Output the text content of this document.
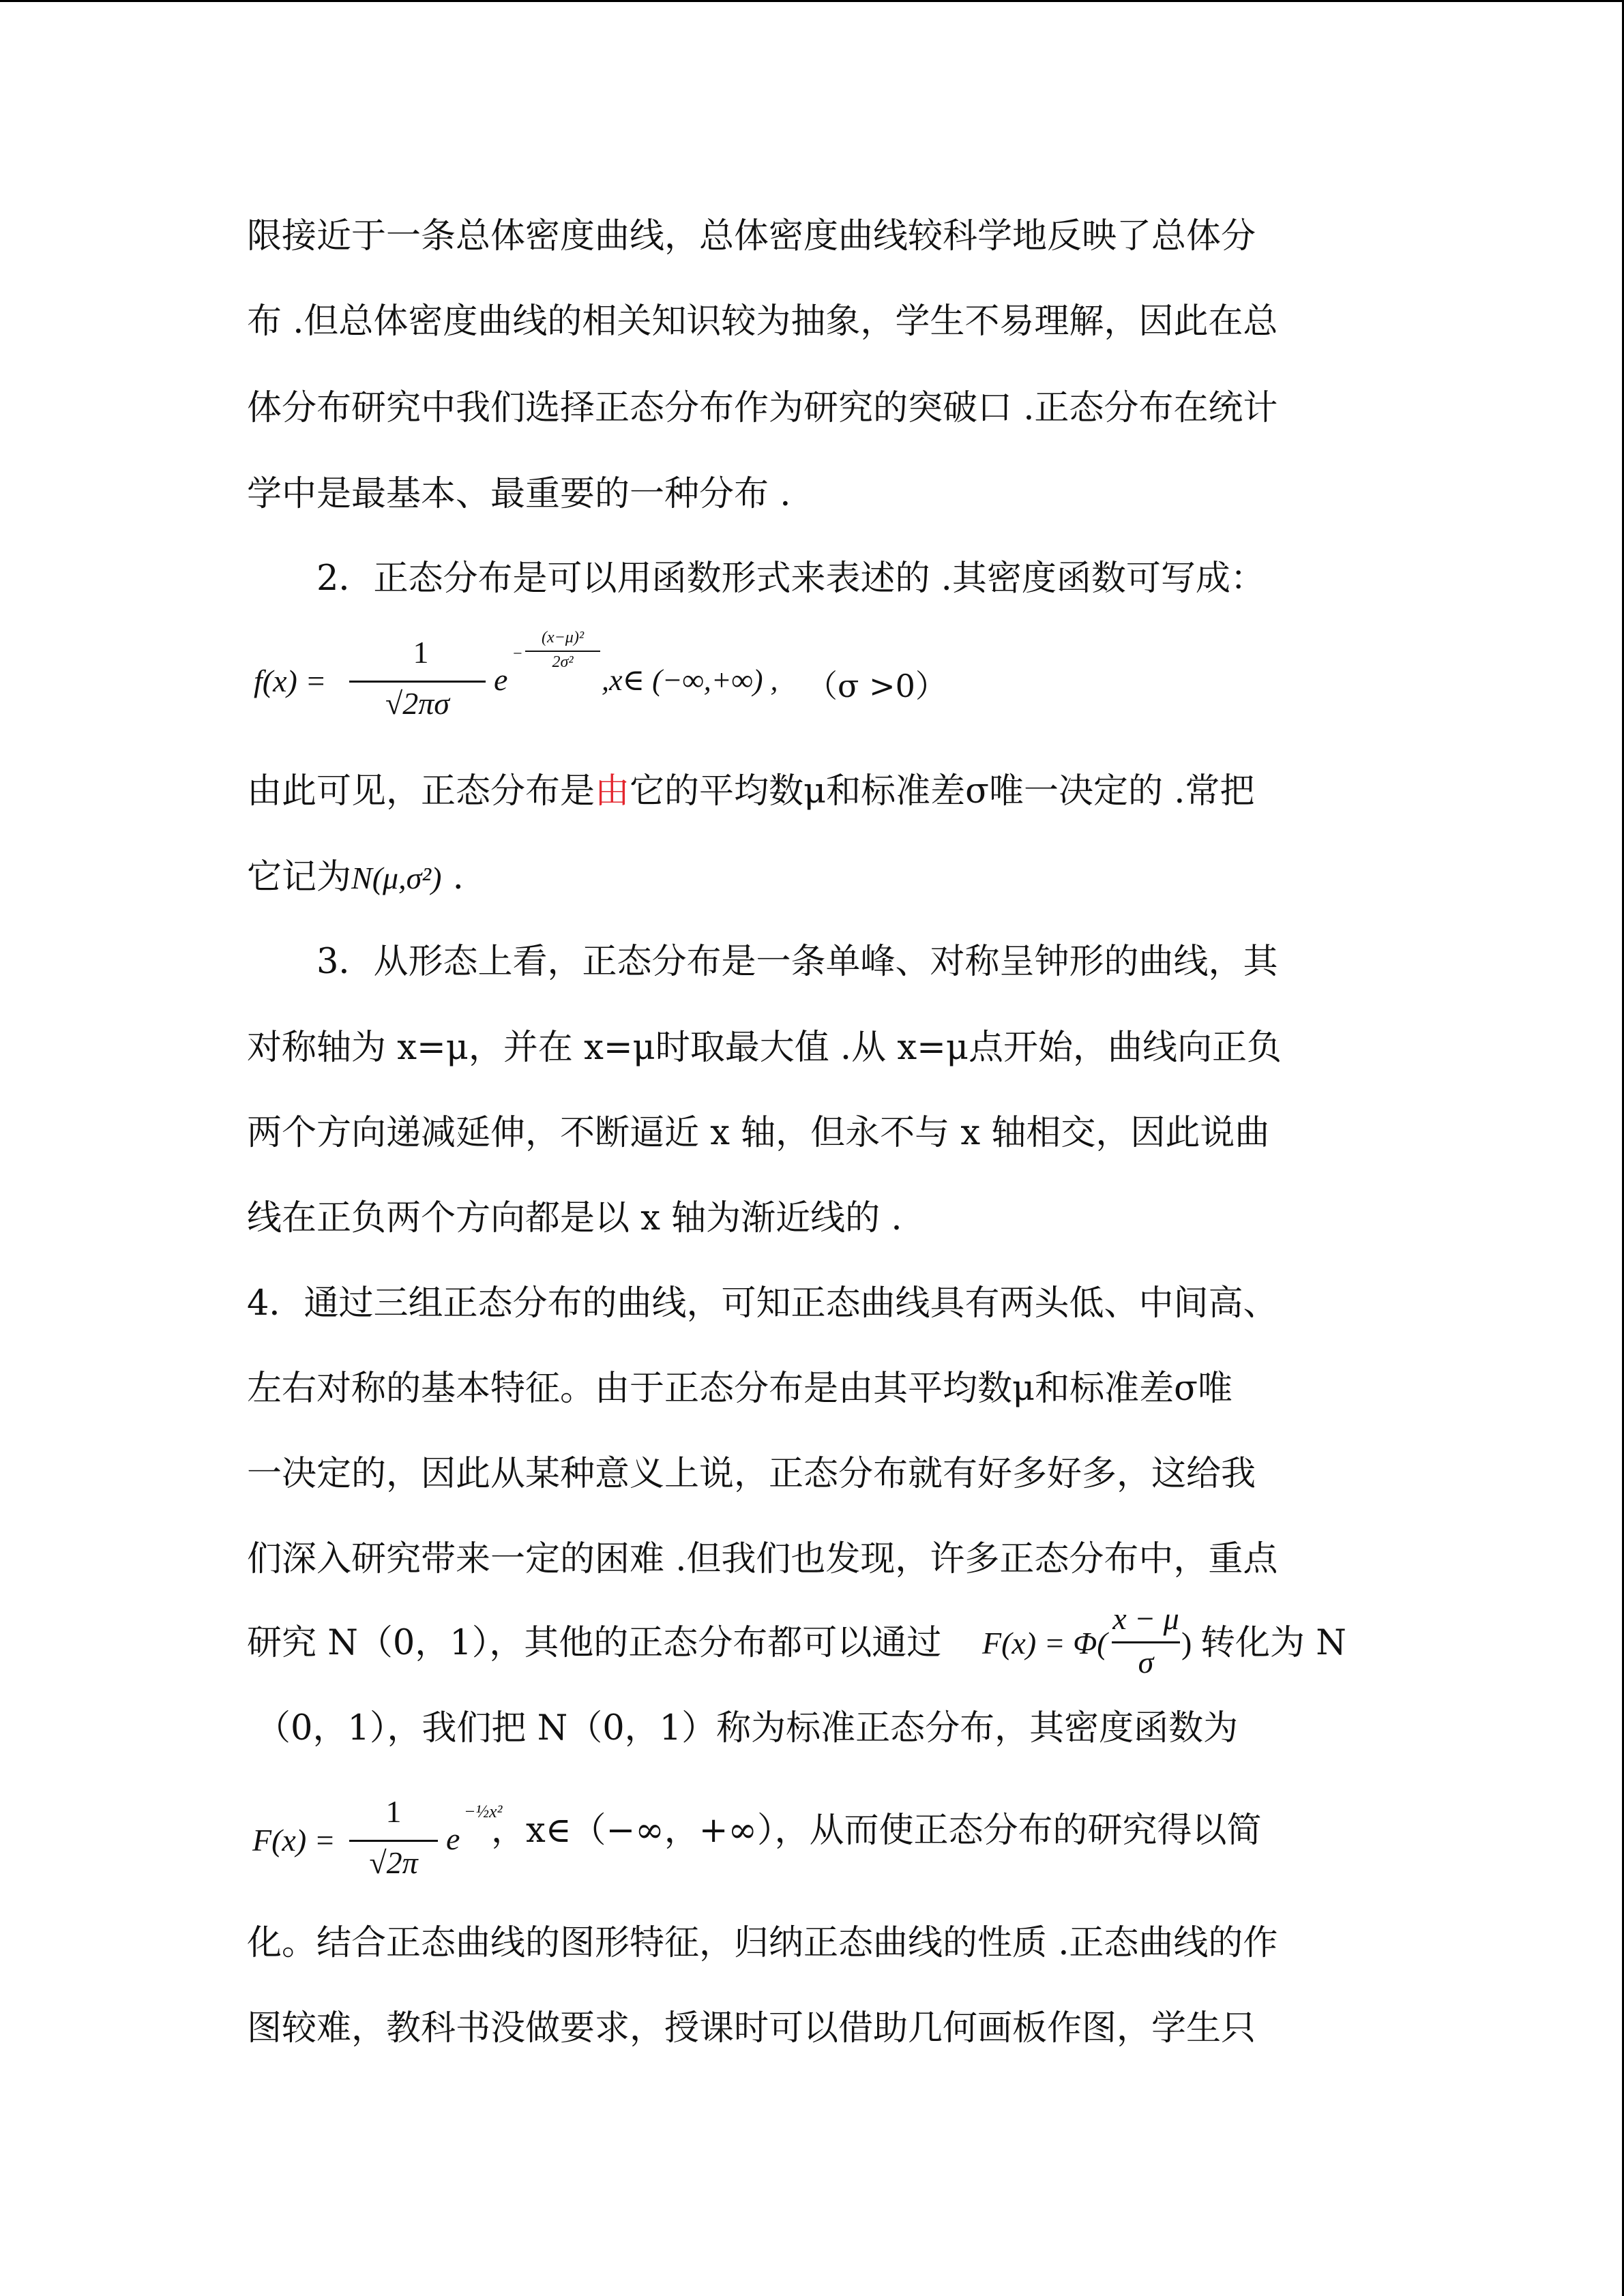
限接近于一条总体密度曲线，总体密度曲线较科学地反映了总体分
布 .但总体密度曲线的相关知识较为抽象，学生不易理解，因此在总
体分布研究中我们选择正态分布作为研究的突破口 .正态分布在统计
学中是最基本、最重要的一种分布 .
2．正态分布是可以用函数形式来表述的 .其密度函数可写成：
f(x) =
1
√2πσ
e
−
(x−μ)²
2σ²
,x∈ (−∞,+∞) , （σ >0）
由此可见，正态分布是由它的平均数μ和标准差σ唯一决定的 .常把
它记为N(μ,σ²) .
3．从形态上看，正态分布是一条单峰、对称呈钟形的曲线，其
对称轴为 x=μ，并在 x=μ时取最大值 .从 x=μ点开始，曲线向正负
两个方向递减延伸，不断逼近 x 轴，但永不与 x 轴相交，因此说曲
线在正负两个方向都是以 x 轴为渐近线的 .
4．通过三组正态分布的曲线，可知正态曲线具有两头低、中间高、
左右对称的基本特征。由于正态分布是由其平均数μ和标准差σ唯
一决定的，因此从某种意义上说，正态分布就有好多好多，这给我
们深入研究带来一定的困难 .但我们也发现，许多正态分布中，重点
研究 N（0，1），其他的正态分布都可以通过 F(x) = Φ(
x − μ
σ
) 转化为 N
（0，1），我们把 N（0，1）称为标准正态分布，其密度函数为
F(x) =
1
√2π
e
−½x²
，x∈（−∞，+∞），从而使正态分布的研究得以简
化。结合正态曲线的图形特征，归纳正态曲线的性质 .正态曲线的作
图较难，教科书没做要求，授课时可以借助几何画板作图，学生只
